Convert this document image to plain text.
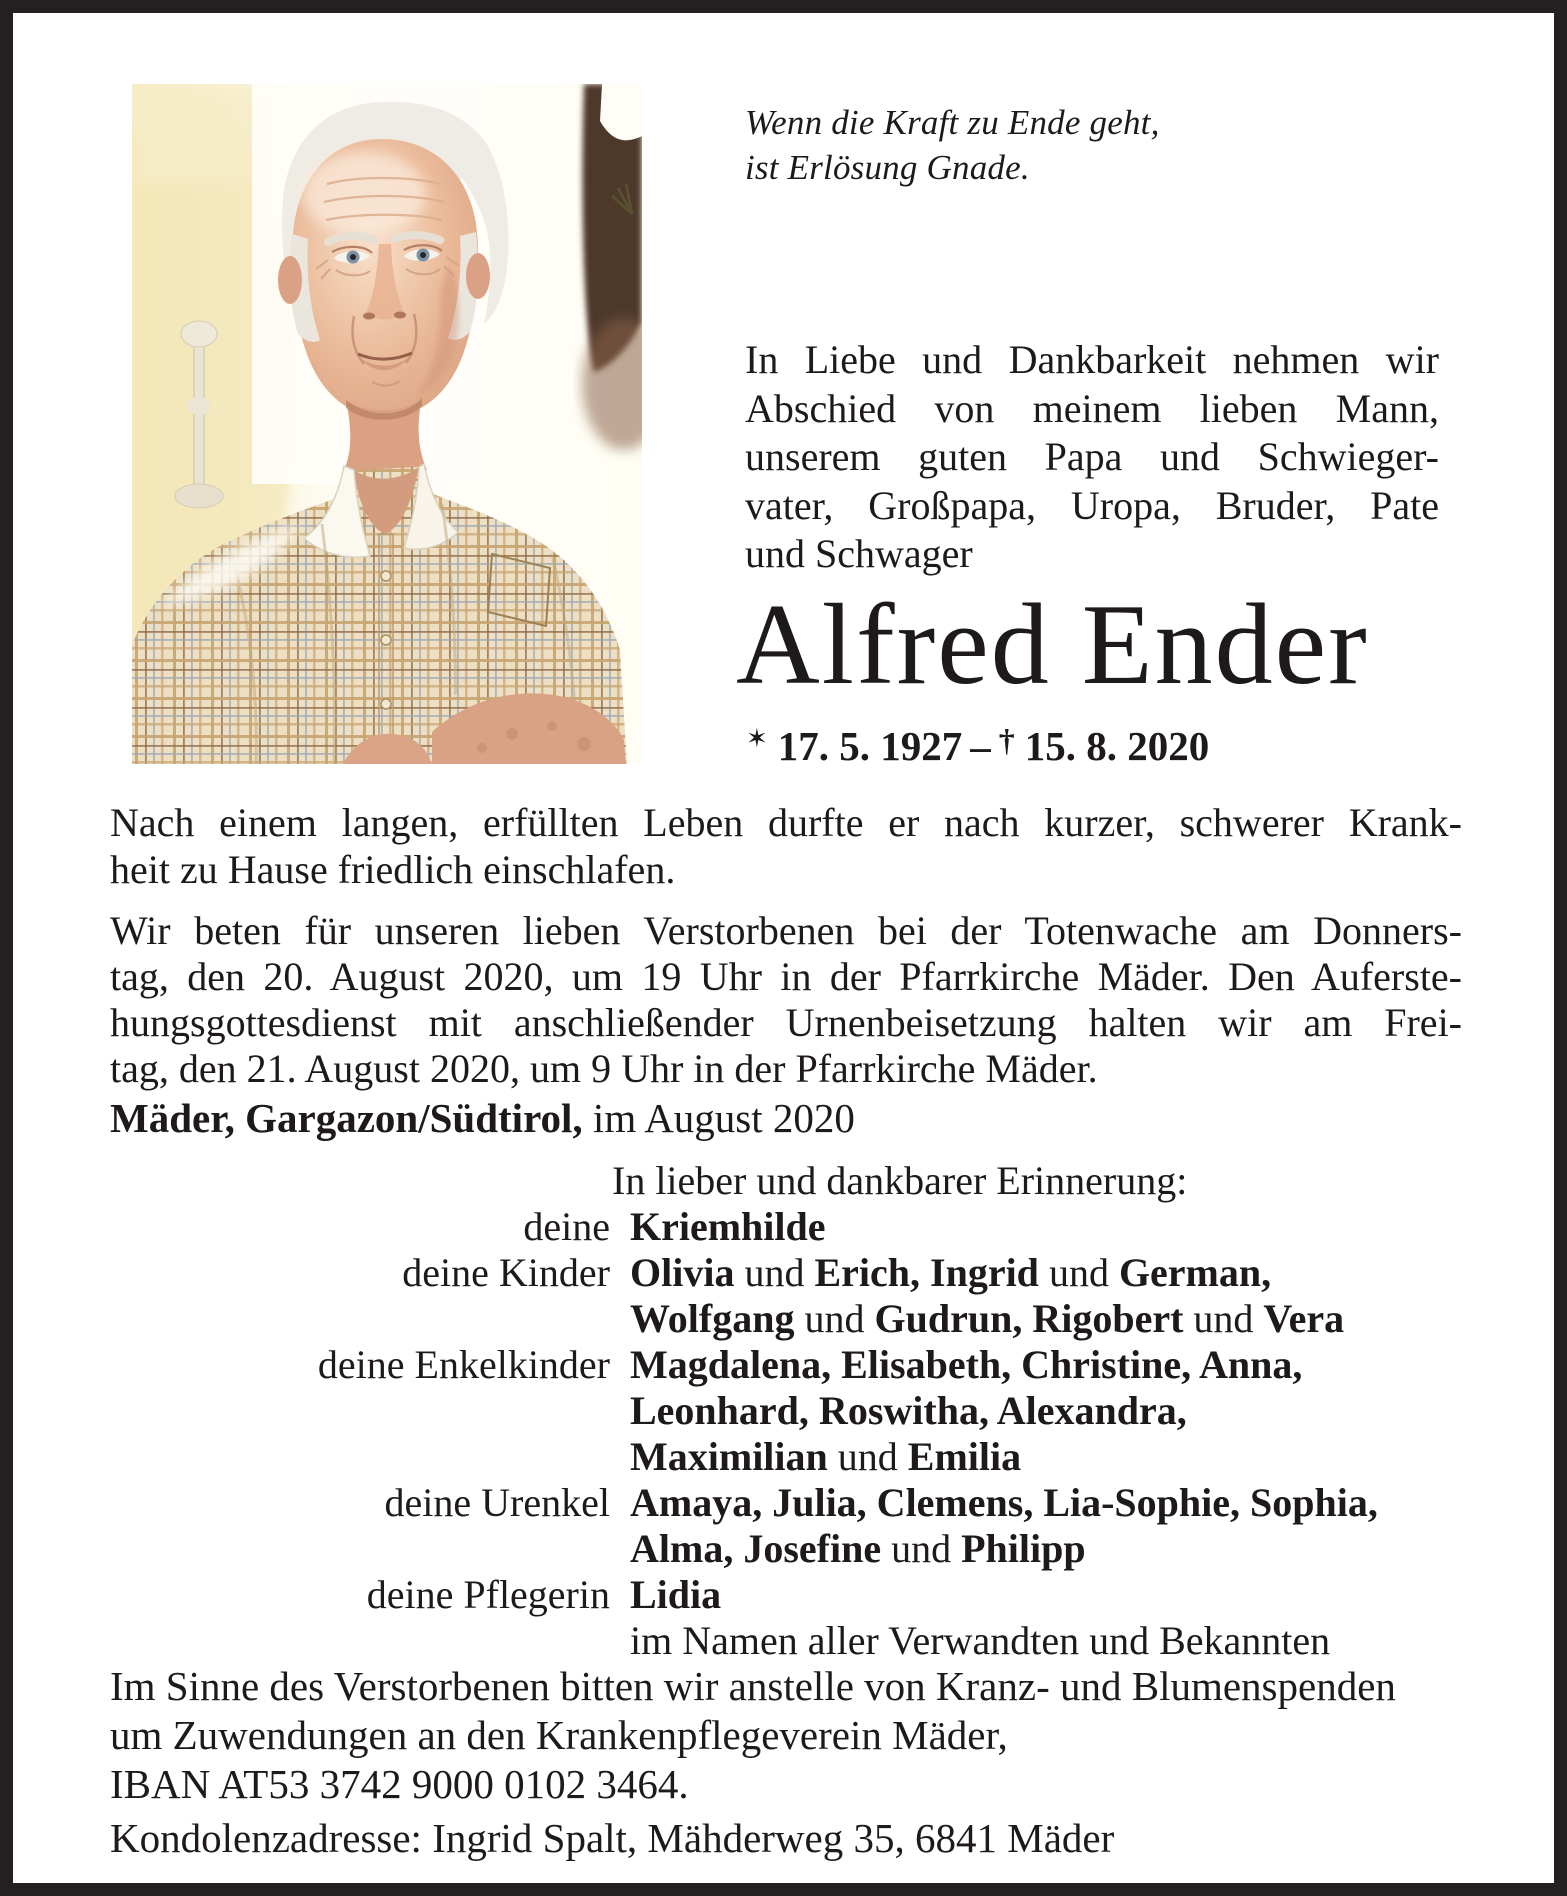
Wenn die Kraft zu Ende geht,
ist Erlösung Gnade.
In Liebe und Dankbarkeit nehmen wir
Abschied von meinem lieben Mann,
unserem guten Papa und Schwieger-
vater, Großpapa, Uropa, Bruder, Pate
und Schwager
Alfred Ender
✶ 17. 5. 1927 – † 15. 8. 2020
Nach einem langen, erfüllten Leben durfte er nach kurzer, schwerer Krank-
heit zu Hause friedlich einschlafen.
Wir beten für unseren lieben Verstorbenen bei der Totenwache am Donners-
tag, den 20. August 2020, um 19 Uhr in der Pfarrkirche Mäder. Den Auferste-
hungsgottesdienst mit anschließender Urnenbeisetzung halten wir am Frei-
tag, den 21. August 2020, um 9 Uhr in der Pfarrkirche Mäder.
Mäder, Gargazon/Südtirol, im August 2020
In lieber und dankbarer Erinnerung:
deine Kriemhilde
deine Kinder Olivia und Erich, Ingrid und German,
Wolfgang und Gudrun, Rigobert und Vera
deine Enkelkinder Magdalena, Elisabeth, Christine, Anna,
Leonhard, Roswitha, Alexandra,
Maximilian und Emilia
deine Urenkel Amaya, Julia, Clemens, Lia-Sophie, Sophia,
Alma, Josefine und Philipp
deine Pflegerin Lidia
im Namen aller Verwandten und Bekannten
Im Sinne des Verstorbenen bitten wir anstelle von Kranz- und Blumenspenden
um Zuwendungen an den Krankenpflegeverein Mäder,
IBAN AT53 3742 9000 0102 3464.
Kondolenzadresse: Ingrid Spalt, Mähderweg 35, 6841 Mäder
